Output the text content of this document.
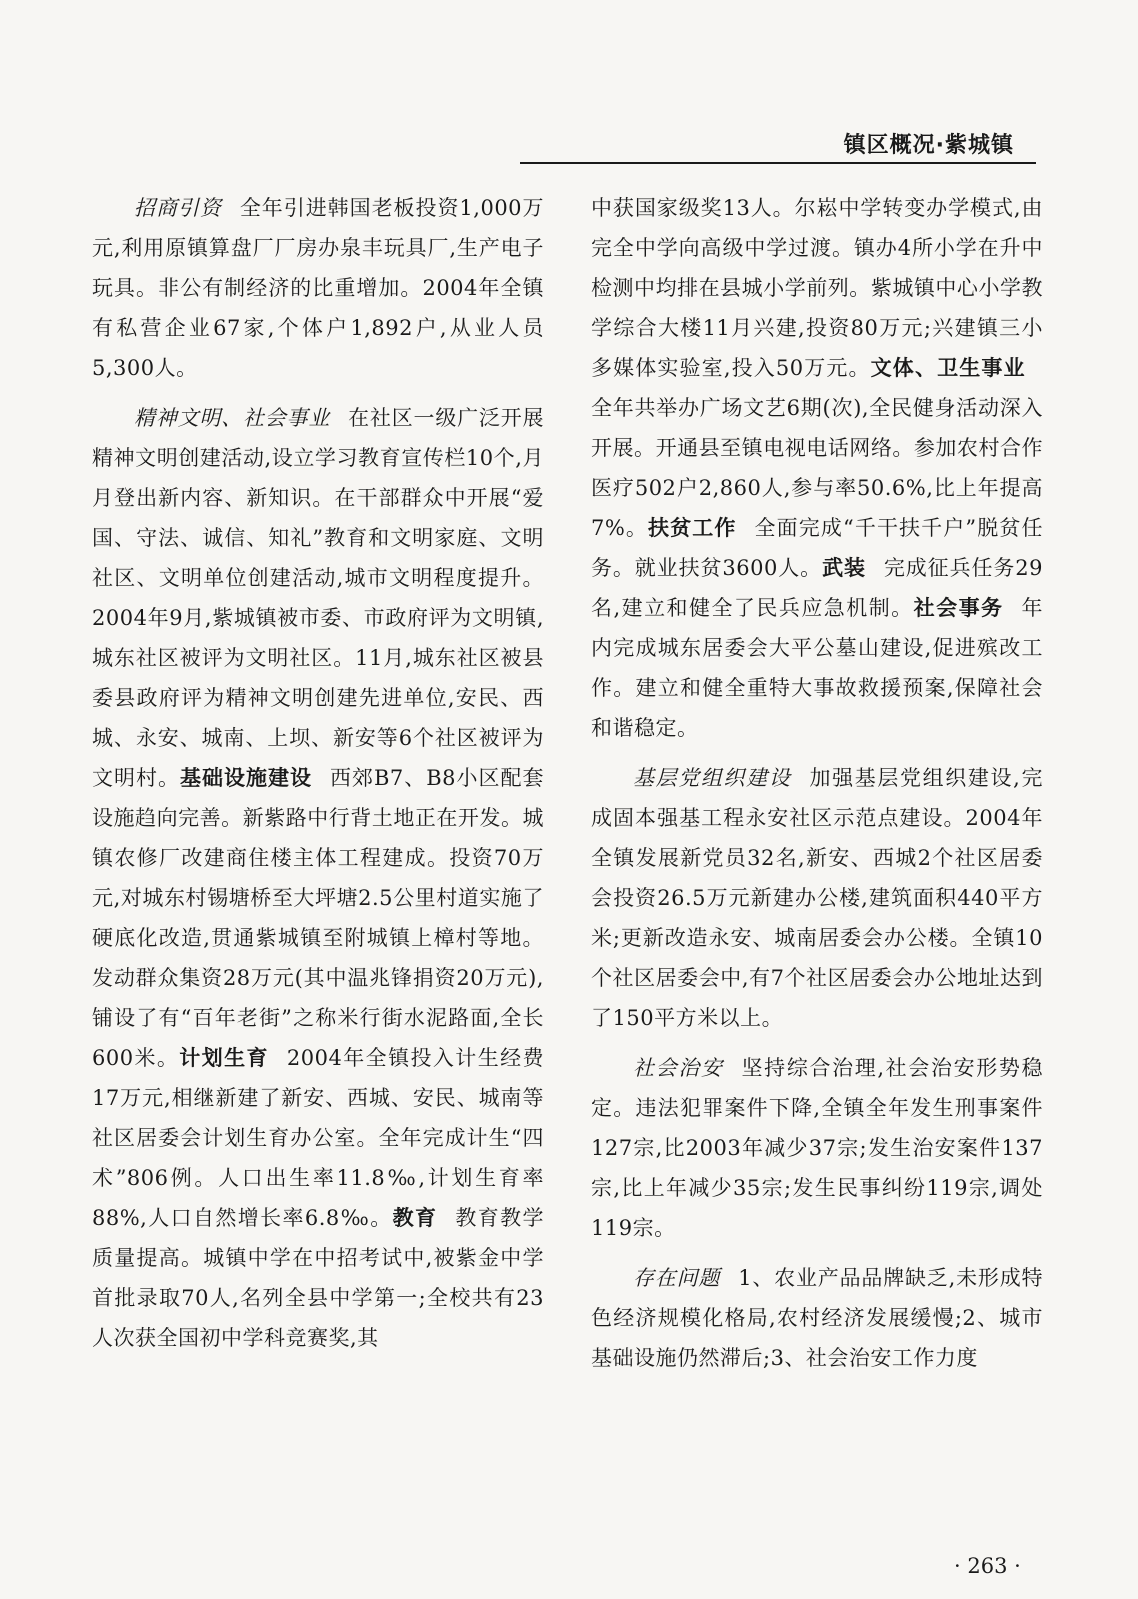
镇区概况·紫城镇

招商引资 全年引进韩国老板投资1,000万元,利用原镇算盘厂厂房办泉丰玩具厂,生产电子玩具。非公有制经济的比重增加。2004年全镇有私营企业67家,个体户1,892户,从业人员5,300人。

精神文明、社会事业 在社区一级广泛开展精神文明创建活动,设立学习教育宣传栏10个,月月登出新内容、新知识。在干部群众中开展“爱国、守法、诚信、知礼”教育和文明家庭、文明社区、文明单位创建活动,城市文明程度提升。2004年9月,紫城镇被市委、市政府评为文明镇,城东社区被评为文明社区。11月,城东社区被县委县政府评为精神文明创建先进单位,安民、西城、永安、城南、上坝、新安等6个社区被评为文明村。基础设施建设 西郊B7、B8小区配套设施趋向完善。新紫路中行背土地正在开发。城镇农修厂改建商住楼主体工程建成。投资70万元,对城东村锡塘桥至大坪塘2.5公里村道实施了硬底化改造,贯通紫城镇至附城镇上樟村等地。发动群众集资28万元(其中温兆锋捐资20万元),铺设了有“百年老街”之称米行街水泥路面,全长600米。计划生育 2004年全镇投入计生经费17万元,相继新建了新安、西城、安民、城南等社区居委会计划生育办公室。全年完成计生“四术”806例。人口出生率11.8‰,计划生育率88%,人口自然增长率6.8‰。教育 教育教学质量提高。城镇中学在中招考试中,被紫金中学首批录取70人,名列全县中学第一;全校共有23人次获全国初中学科竞赛奖,其

中获国家级奖13人。尔崧中学转变办学模式,由完全中学向高级中学过渡。镇办4所小学在升中检测中均排在县城小学前列。紫城镇中心小学教学综合大楼11月兴建,投资80万元;兴建镇三小多媒体实验室,投入50万元。文体、卫生事业全年共举办广场文艺6期(次),全民健身活动深入开展。开通县至镇电视电话网络。参加农村合作医疗502户2,860人,参与率50.6%,比上年提高7%。扶贫工作 全面完成“千干扶千户”脱贫任务。就业扶贫3600人。武装 完成征兵任务29名,建立和健全了民兵应急机制。社会事务 年内完成城东居委会大平公墓山建设,促进殡改工作。建立和健全重特大事故救援预案,保障社会和谐稳定。

基层党组织建设 加强基层党组织建设,完成固本强基工程永安社区示范点建设。2004年全镇发展新党员32名,新安、西城2个社区居委会投资26.5万元新建办公楼,建筑面积440平方米;更新改造永安、城南居委会办公楼。全镇10个社区居委会中,有7个社区居委会办公地址达到了150平方米以上。

社会治安 坚持综合治理,社会治安形势稳定。违法犯罪案件下降,全镇全年发生刑事案件127宗,比2003年减少37宗;发生治安案件137宗,比上年减少35宗;发生民事纠纷119宗,调处119宗。

存在问题 1、农业产品品牌缺乏,未形成特色经济规模化格局,农村经济发展缓慢;2、城市基础设施仍然滞后;3、社会治安工作力度

· 263 ·
